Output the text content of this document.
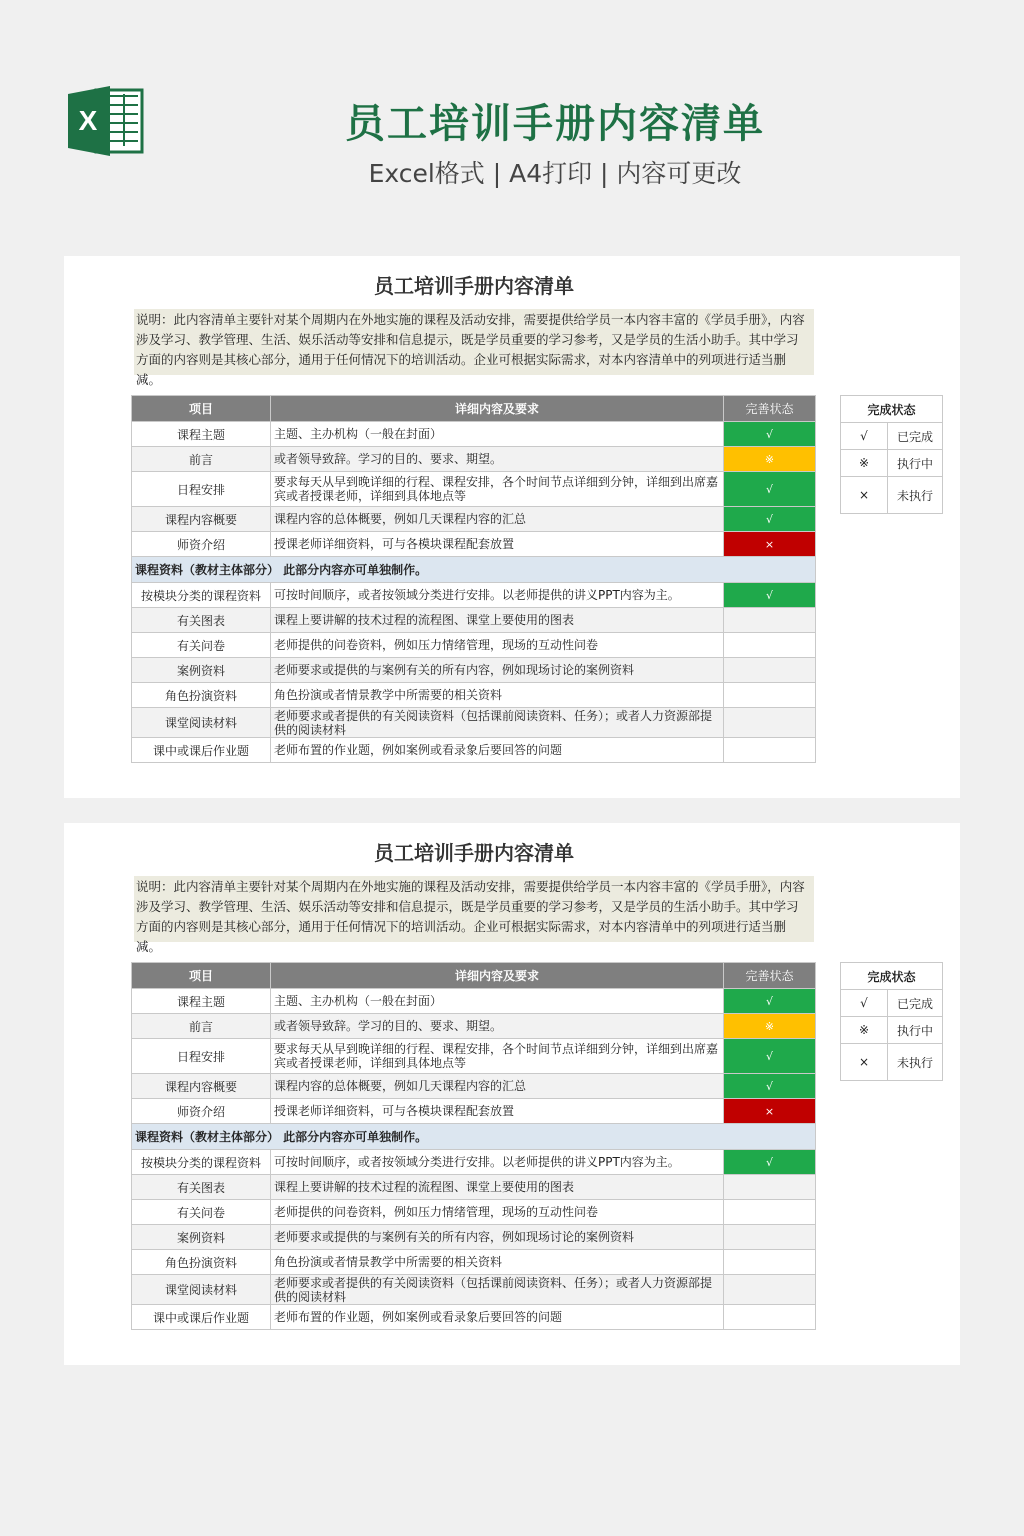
X	员工培训手册内容清单
Excel格式 | A4打印 | 内容可更改
员工培训手册内容清单
说明：此内容清单主要针对某个周期内在外地实施的课程及活动安排，需要提供给学员一本内容丰富的《学员手册》，内容涉及学习、教学管理、生活、娱乐活动等安排和信息提示，既是学员重要的学习参考，又是学员的生活小助手。其中学习方面的内容则是其核心部分，通用于任何情况下的培训活动。企业可根据实际需求，对本内容清单中的列项进行适当删减。
项目	详细内容及要求	完善状态
课程主题	主题、主办机构（一般在封面）	√
前言	或者领导致辞。学习的目的、要求、期望。	※
日程安排	要求每天从早到晚详细的行程、课程安排，各个时间节点详细到分钟，详细到出席嘉宾或者授课老师，详细到具体地点等	√
课程内容概要	课程内容的总体概要，例如几天课程内容的汇总	√
师资介绍	授课老师详细资料，可与各模块课程配套放置	×
课程资料（教材主体部分） 此部分内容亦可单独制作。		
按模块分类的课程资料	可按时间顺序，或者按领域分类进行安排。以老师提供的讲义PPT内容为主。	√
有关图表	课程上要讲解的技术过程的流程图、课堂上要使用的图表	
有关问卷	老师提供的问卷资料，例如压力情绪管理，现场的互动性问卷	
案例资料	老师要求或提供的与案例有关的所有内容，例如现场讨论的案例资料	
角色扮演资料	角色扮演或者情景教学中所需要的相关资料	
课堂阅读材料	老师要求或者提供的有关阅读资料（包括课前阅读资料、任务）；或者人力资源部提供的阅读材料	
课中或课后作业题	老师布置的作业题，例如案例或看录象后要回答的问题	
完成状态	
√	已完成
※	执行中
×	未执行
员工培训手册内容清单
说明：此内容清单主要针对某个周期内在外地实施的课程及活动安排，需要提供给学员一本内容丰富的《学员手册》，内容涉及学习、教学管理、生活、娱乐活动等安排和信息提示，既是学员重要的学习参考，又是学员的生活小助手。其中学习方面的内容则是其核心部分，通用于任何情况下的培训活动。企业可根据实际需求，对本内容清单中的列项进行适当删减。
项目	详细内容及要求	完善状态
课程主题	主题、主办机构（一般在封面）	√
前言	或者领导致辞。学习的目的、要求、期望。	※
日程安排	要求每天从早到晚详细的行程、课程安排，各个时间节点详细到分钟，详细到出席嘉宾或者授课老师，详细到具体地点等	√
课程内容概要	课程内容的总体概要，例如几天课程内容的汇总	√
师资介绍	授课老师详细资料，可与各模块课程配套放置	×
课程资料（教材主体部分） 此部分内容亦可单独制作。		
按模块分类的课程资料	可按时间顺序，或者按领域分类进行安排。以老师提供的讲义PPT内容为主。	√
有关图表	课程上要讲解的技术过程的流程图、课堂上要使用的图表	
有关问卷	老师提供的问卷资料，例如压力情绪管理，现场的互动性问卷	
案例资料	老师要求或提供的与案例有关的所有内容，例如现场讨论的案例资料	
角色扮演资料	角色扮演或者情景教学中所需要的相关资料	
课堂阅读材料	老师要求或者提供的有关阅读资料（包括课前阅读资料、任务）；或者人力资源部提供的阅读材料	
课中或课后作业题	老师布置的作业题，例如案例或看录象后要回答的问题	
完成状态	
√	已完成
※	执行中
×	未执行
